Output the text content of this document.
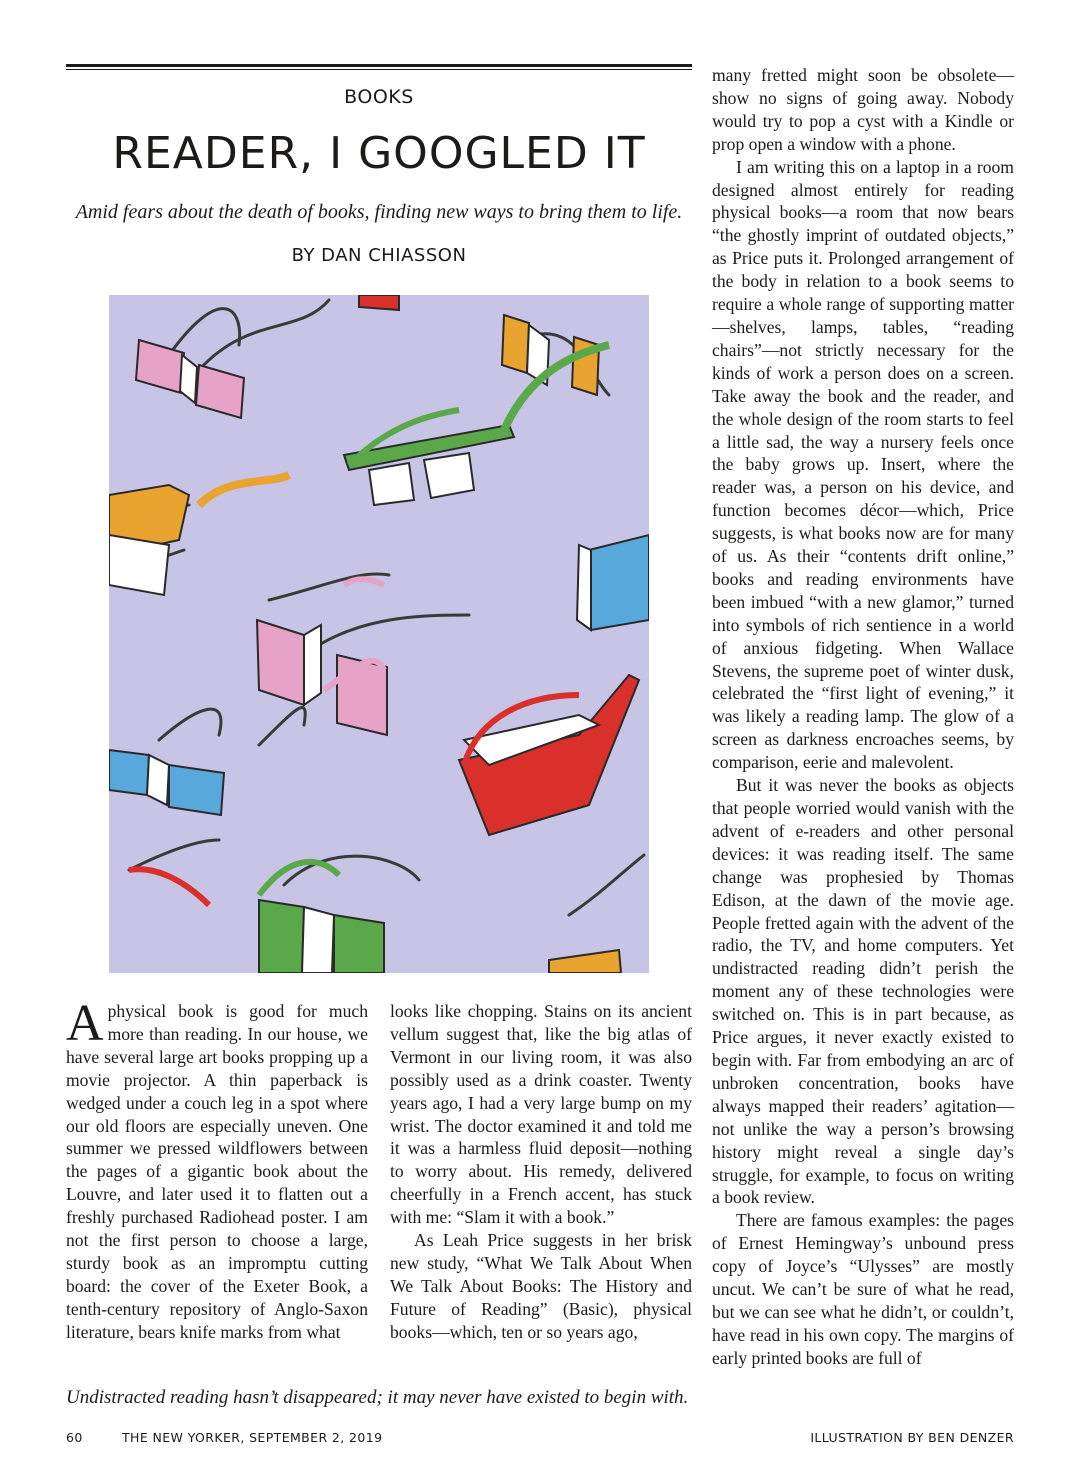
BOOKS
READER, I GOOGLED IT
Amid fears about the death of books, finding new ways to bring them to life.
BY DAN CHIASSON

Aphysical book is good for much more than reading. In our house, we have several large art books propping up a movie projector. A thin paperback is wedged under a couch leg in a spot where our old floors are especially uneven. One summer we pressed wildflowers between the pages of a gigantic book about the Louvre, and later used it to flatten out a freshly purchased Radiohead poster. I am not the first person to choose a large, sturdy book as an impromptu cutting board: the cover of the Exeter Book, a tenth-century repository of Anglo-Saxon literature, bears knife marks from what

looks like chopping. Stains on its ancient vellum suggest that, like the big atlas of Vermont in our living room, it was also possibly used as a drink coaster. Twenty years ago, I had a very large bump on my wrist. The doctor examined it and told me it was a harmless fluid deposit—nothing to worry about. His remedy, delivered cheerfully in a French accent, has stuck with me: “Slam it with a book.”

As Leah Price suggests in her brisk new study, “What We Talk About When We Talk About Books: The History and Future of Reading” (Basic), physical books—which, ten or so years ago,

many fretted might soon be obsolete—show no signs of going away. Nobody would try to pop a cyst with a Kindle or prop open a window with a phone.

I am writing this on a laptop in a room designed almost entirely for reading physical books—a room that now bears “the ghostly imprint of outdated objects,” as Price puts it. Prolonged arrangement of the body in relation to a book seems to require a whole range of supporting matter—shelves, lamps, tables, “reading chairs”—not strictly necessary for the kinds of work a person does on a screen. Take away the book and the reader, and the whole design of the room starts to feel a little sad, the way a nursery feels once the baby grows up. Insert, where the reader was, a person on his device, and function becomes décor—which, Price suggests, is what books now are for many of us. As their “contents drift online,” books and reading environments have been imbued “with a new glamor,” turned into symbols of rich sentience in a world of anxious fidgeting. When Wallace Stevens, the supreme poet of winter dusk, celebrated the “first light of evening,” it was likely a reading lamp. The glow of a screen as darkness encroaches seems, by comparison, eerie and malevolent.

But it was never the books as objects that people worried would vanish with the advent of e-readers and other personal devices: it was reading itself. The same change was prophesied by Thomas Edison, at the dawn of the movie age. People fretted again with the advent of the radio, the TV, and home computers. Yet undistracted reading didn’t perish the moment any of these technologies were switched on. This is in part because, as Price argues, it never exactly existed to begin with. Far from embodying an arc of unbroken concentration, books have always mapped their readers’ agitation—not unlike the way a person’s browsing history might reveal a single day’s struggle, for example, to focus on writing a book review.

There are famous examples: the pages of Ernest Hemingway’s unbound press copy of Joyce’s “Ulysses” are mostly uncut. We can’t be sure of what he read, but we can see what he didn’t, or couldn’t, have read in his own copy. The margins of early printed books are full of

Undistracted reading hasn’t disappeared; it may never have existed to begin with.
60	THE NEW YORKER, SEPTEMBER 2, 2019	ILLUSTRATION BY BEN DENZER
